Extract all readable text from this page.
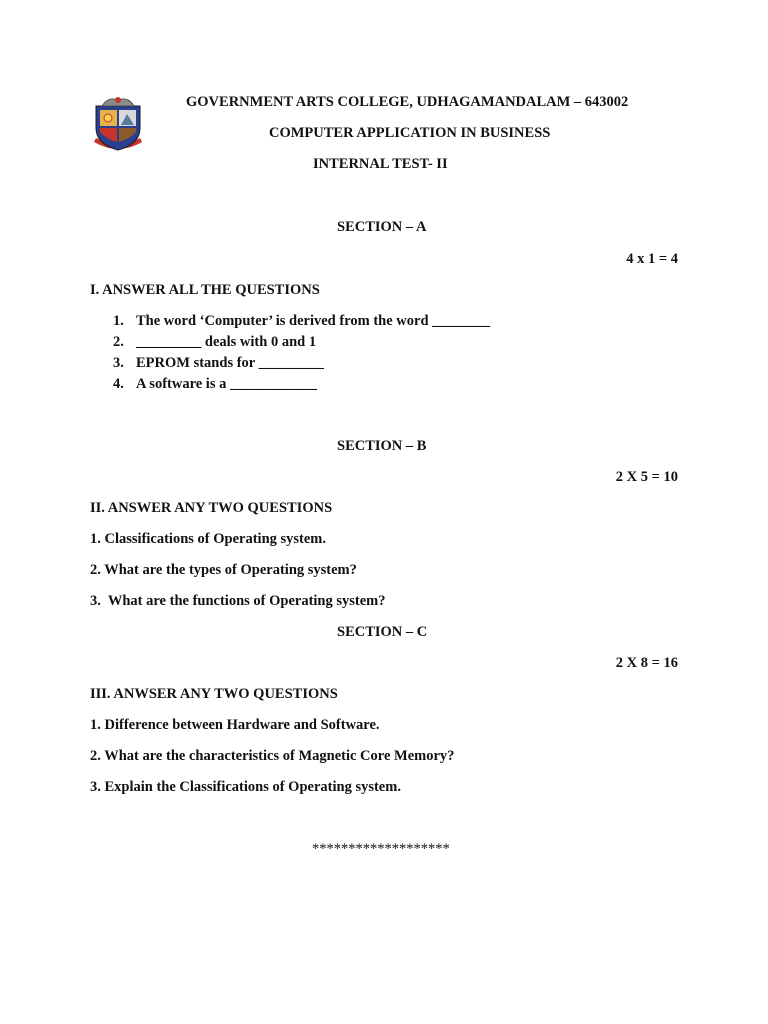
GOVERNMENT ARTS COLLEGE, UDHAGAMANDALAM – 643002
COMPUTER APPLICATION IN BUSINESS
INTERNAL TEST- II
SECTION – A
4 x 1 = 4
I. ANSWER ALL THE QUESTIONS
1. The word ‘Computer’ is derived from the word ________
2. _________ deals with 0 and 1
3. EPROM stands for _________
4. A software is a ____________
SECTION – B
2 X 5 = 10
II. ANSWER ANY TWO QUESTIONS
1. Classifications of Operating system.
2. What are the types of Operating system?
3.  What are the functions of Operating system?
SECTION – C
2 X 8 = 16
III. ANWSER ANY TWO QUESTIONS
1. Difference between Hardware and Software.
2. What are the characteristics of Magnetic Core Memory?
3. Explain the Classifications of Operating system.
*******************
